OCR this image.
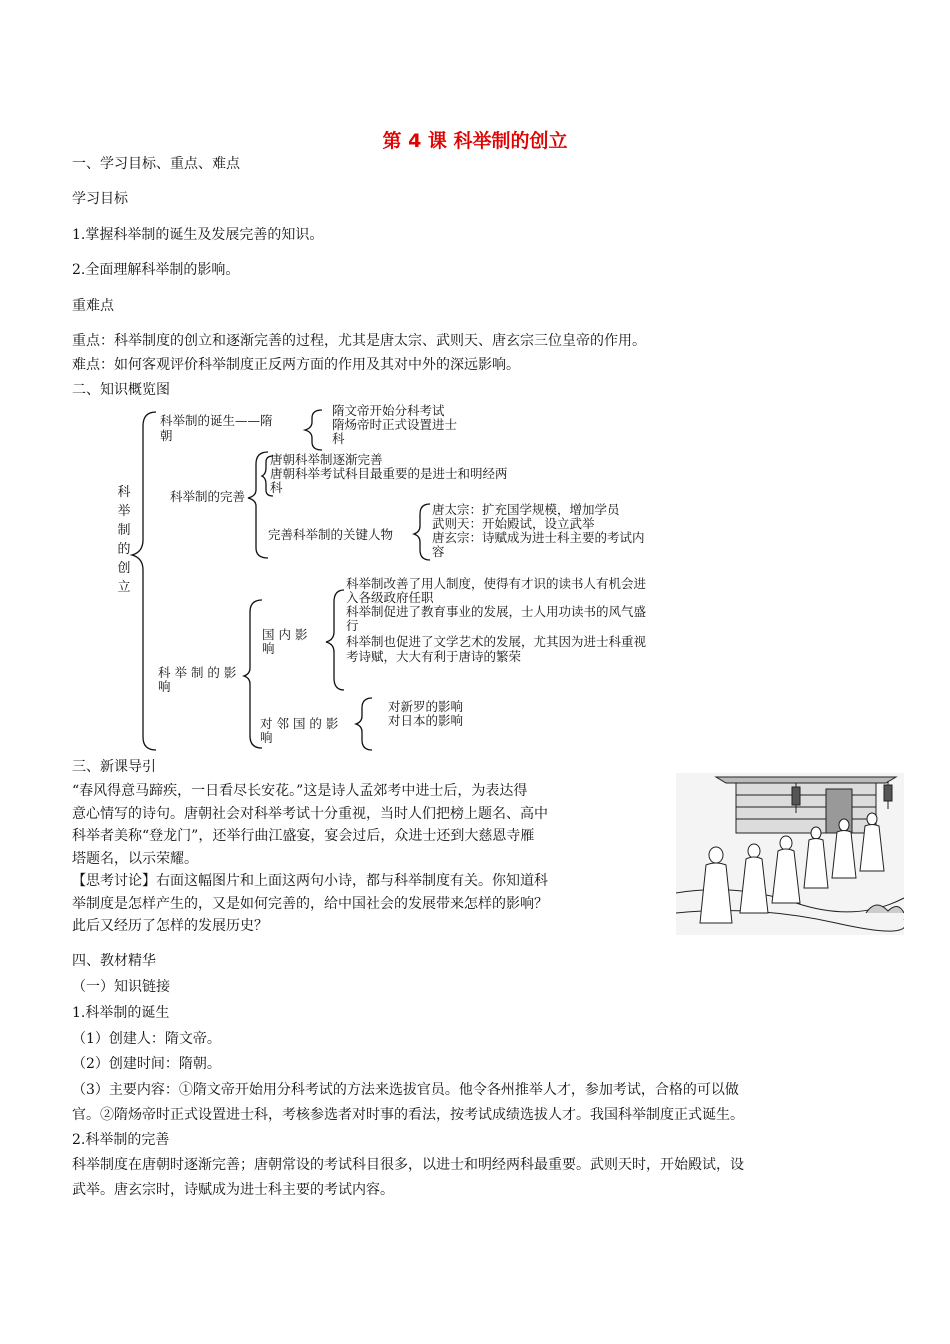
第 4 课 科举制的创立
一、学习目标、重点、难点
学习目标
1.掌握科举制的诞生及发展完善的知识。
2.全面理解科举制的影响。
重难点
重点：科举制度的创立和逐渐完善的过程，尤其是唐太宗、武则天、唐玄宗三位皇帝的作用。
难点：如何客观评价科举制度正反两方面的作用及其对中外的深远影响。
二、知识概览图
科
举
制
的
创
立
科举制的诞生——隋
朝
隋文帝开始分科考试
隋炀帝时正式设置进士
科
科举制的完善
唐朝科举制逐渐完善
唐朝科举考试科目最重要的是进士和明经两
科
完善科举制的关键人物
唐太宗：扩充国学规模，增加学员
武则天：开始殿试，设立武举
唐玄宗：诗赋成为进士科主要的考试内
容
科 举 制 的 影
响
国 内 影
响
科举制改善了用人制度，使得有才识的读书人有机会进
入各级政府任职
科举制促进了教育事业的发展，士人用功读书的风气盛
行
科举制也促进了文学艺术的发展，尤其因为进士科重视
考诗赋，大大有利于唐诗的繁荣
对 邻 国 的 影
响
对新罗的影响
对日本的影响
三、新课导引
“春风得意马蹄疾，一日看尽长安花。”这是诗人孟郊考中进士后，为表达得
意心情写的诗句。唐朝社会对科举考试十分重视，当时人们把榜上题名、高中
科举者美称“登龙门”，还举行曲江盛宴，宴会过后，众进士还到大慈恩寺雁
塔题名，以示荣耀。
【思考讨论】右面这幅图片和上面这两句小诗，都与科举制度有关。你知道科
举制度是怎样产生的，又是如何完善的，给中国社会的发展带来怎样的影响？
此后又经历了怎样的发展历史？
四、教材精华
（一）知识链接
1.科举制的诞生
（1）创建人：隋文帝。
（2）创建时间：隋朝。
（3）主要内容：①隋文帝开始用分科考试的方法来选拔官员。他令各州推举人才，参加考试，合格的可以做
官。②隋炀帝时正式设置进士科，考核参选者对时事的看法，按考试成绩选拔人才。我国科举制度正式诞生。
2.科举制的完善
科举制度在唐朝时逐渐完善；唐朝常设的考试科目很多，以进士和明经两科最重要。武则天时，开始殿试，设
武举。唐玄宗时，诗赋成为进士科主要的考试内容。
